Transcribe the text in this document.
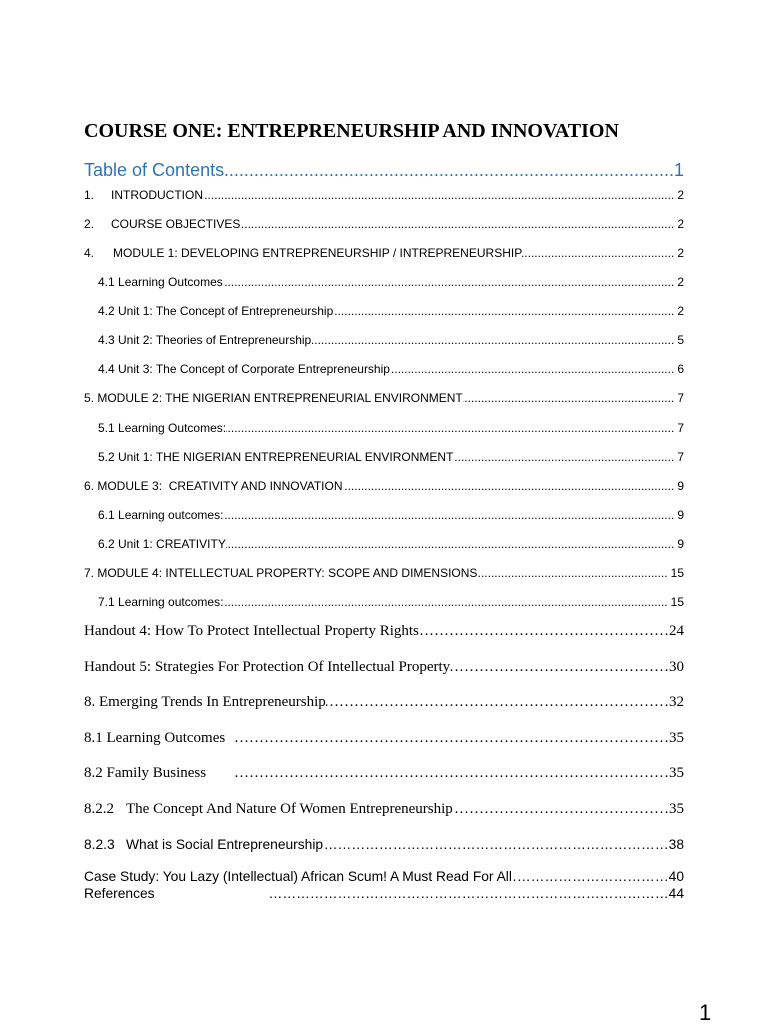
COURSE ONE: ENTREPRENEURSHIP AND INNOVATION
Table of Contents .....	1
1.	INTRODUCTION .....	2
2.	COURSE OBJECTIVES .....	2
4.	MODULE 1: DEVELOPING ENTREPRENEURSHIP / INTREPRENEURSHIP .....	2
4.1 Learning Outcomes .....	2
4.2 Unit 1: The Concept of Entrepreneurship .....	2
4.3 Unit 2: Theories of Entrepreneurship .....	5
4.4 Unit 3: The Concept of Corporate Entrepreneurship .....	6
5. MODULE 2: THE NIGERIAN ENTREPRENEURIAL ENVIRONMENT .....	7
5.1 Learning Outcomes: .....	7
5.2 Unit 1: THE NIGERIAN ENTREPRENEURIAL ENVIRONMENT .....	7
6. MODULE 3:  CREATIVITY AND INNOVATION .....	9
6.1 Learning outcomes: .....	9
6.2 Unit 1: CREATIVITY .....	9
7. MODULE 4: INTELLECTUAL PROPERTY: SCOPE AND DIMENSIONS .....	15
7.1 Learning outcomes: .....	15
Handout 4: How To Protect Intellectual Property Rights ……………………………………………………………………………	24
Handout 5: Strategies For Protection Of Intellectual Property ……………………………………………………………………………	30
8. Emerging Trends In Entrepreneurship ……………………………………………………………………………	32
8.1 Learning Outcomes ……………………………………………………………………………	35
8.2 Family Business ……………………………………………………………………………	35
8.2.2 The Concept And Nature Of Women Entrepreneurship ……………………………………………………………………………	35
8.2.3 What is Social Entrepreneurship ……………………………………………………………………………	38
Case Study: You Lazy (Intellectual) African Scum! A Must Read For All ……………………………………………………………………………	40
References ……………………………………………………………………………	44
1
